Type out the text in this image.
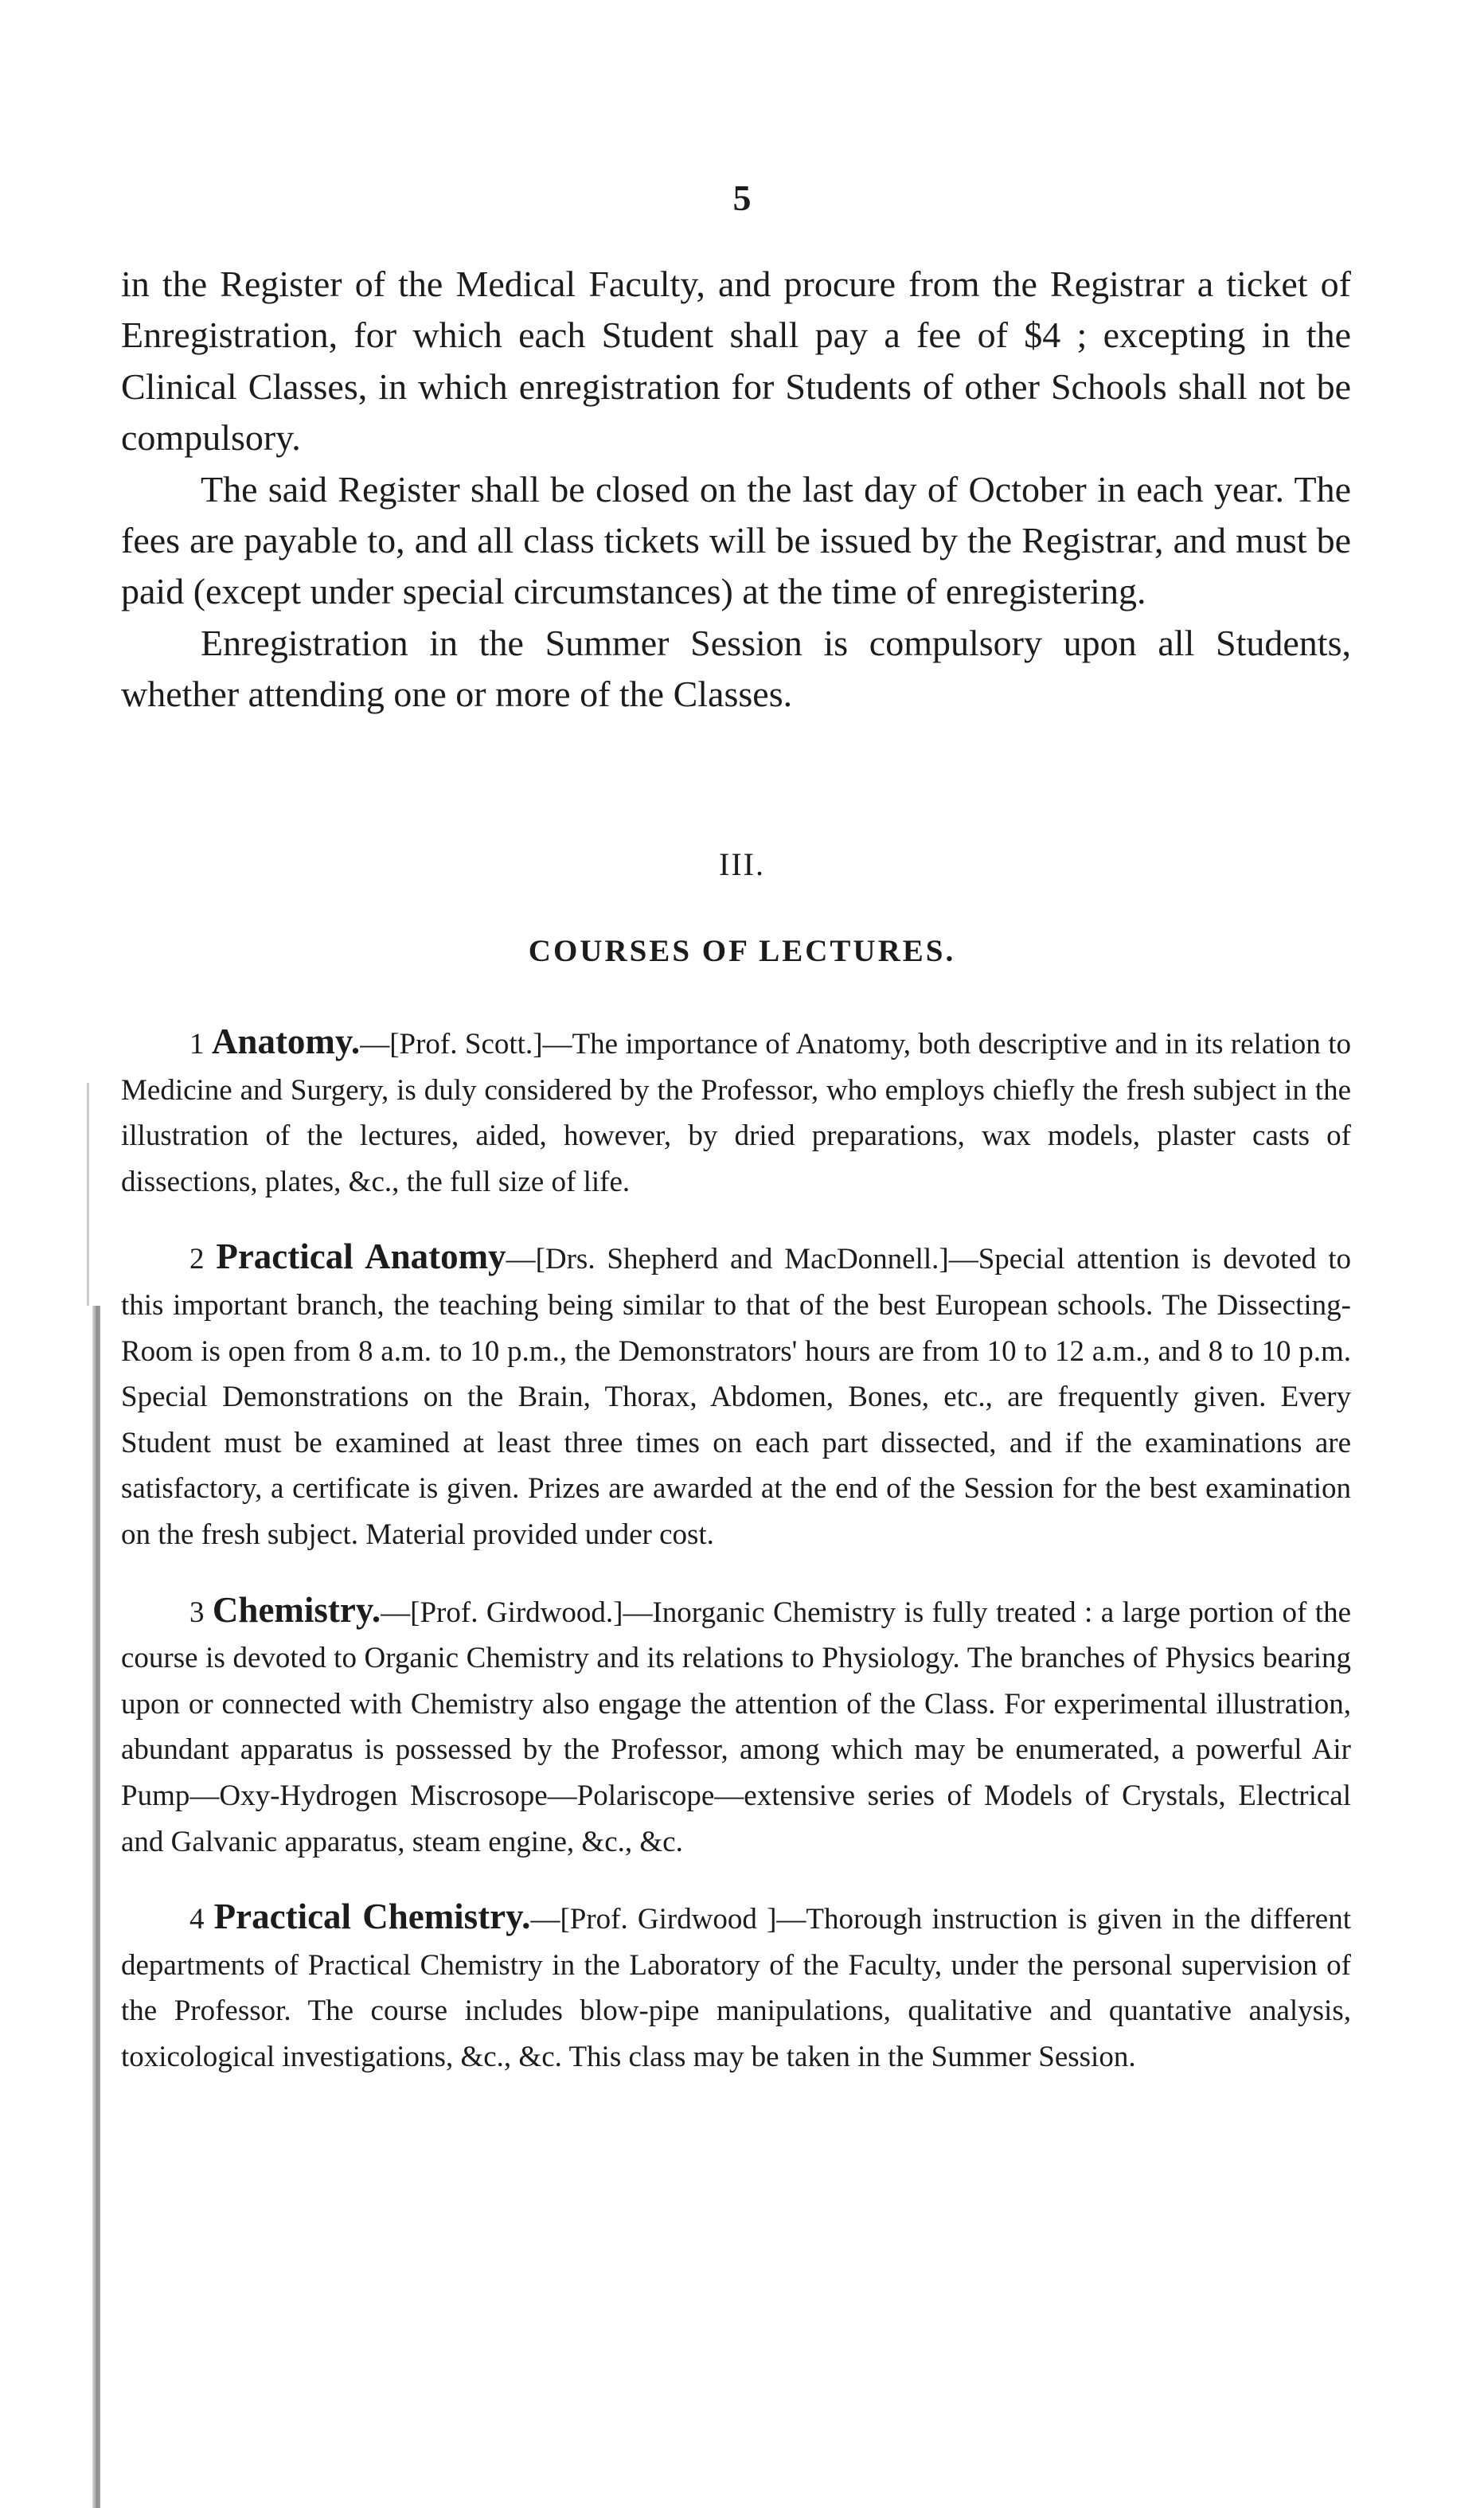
5

in the Register of the Medical Faculty, and procure from the Registrar a ticket of Enregistration, for which each Student shall pay a fee of $4 ; excepting in the Clinical Classes, in which enregistration for Students of other Schools shall not be compulsory.

The said Register shall be closed on the last day of October in each year. The fees are payable to, and all class tickets will be issued by the Registrar, and must be paid (except under special circumstances) at the time of enregistering.

Enregistration in the Summer Session is compulsory upon all Students, whether attending one or more of the Classes.

III.
COURSES OF LECTURES.

1 Anatomy.—[Prof. Scott.]—The importance of Anatomy, both descriptive and in its relation to Medicine and Surgery, is duly considered by the Professor, who employs chiefly the fresh subject in the illustration of the lectures, aided, however, by dried preparations, wax models, plaster casts of dissections, plates, &c., the full size of life.

2 Practical Anatomy—[Drs. Shepherd and MacDonnell.]—Special attention is devoted to this important branch, the teaching being similar to that of the best European schools. The Dissecting-Room is open from 8 a.m. to 10 p.m., the Demonstrators' hours are from 10 to 12 a.m., and 8 to 10 p.m. Special Demonstrations on the Brain, Thorax, Abdomen, Bones, etc., are frequently given. Every Student must be examined at least three times on each part dissected, and if the examinations are satisfactory, a certificate is given. Prizes are awarded at the end of the Session for the best examination on the fresh subject. Material provided under cost.

3 Chemistry.—[Prof. Girdwood.]—Inorganic Chemistry is fully treated : a large portion of the course is devoted to Organic Chemistry and its relations to Physiology. The branches of Physics bearing upon or connected with Chemistry also engage the attention of the Class. For experimental illustration, abundant apparatus is possessed by the Professor, among which may be enumerated, a powerful Air Pump—Oxy-Hydrogen Miscrosope—Polariscope—extensive series of Models of Crystals, Electrical and Galvanic apparatus, steam engine, &c., &c.

4 Practical Chemistry.—[Prof. Girdwood ]—Thorough instruction is given in the different departments of Practical Chemistry in the Laboratory of the Faculty, under the personal supervision of the Professor. The course includes blow-pipe manipulations, qualitative and quantative analysis, toxicological investigations, &c., &c. This class may be taken in the Summer Session.
